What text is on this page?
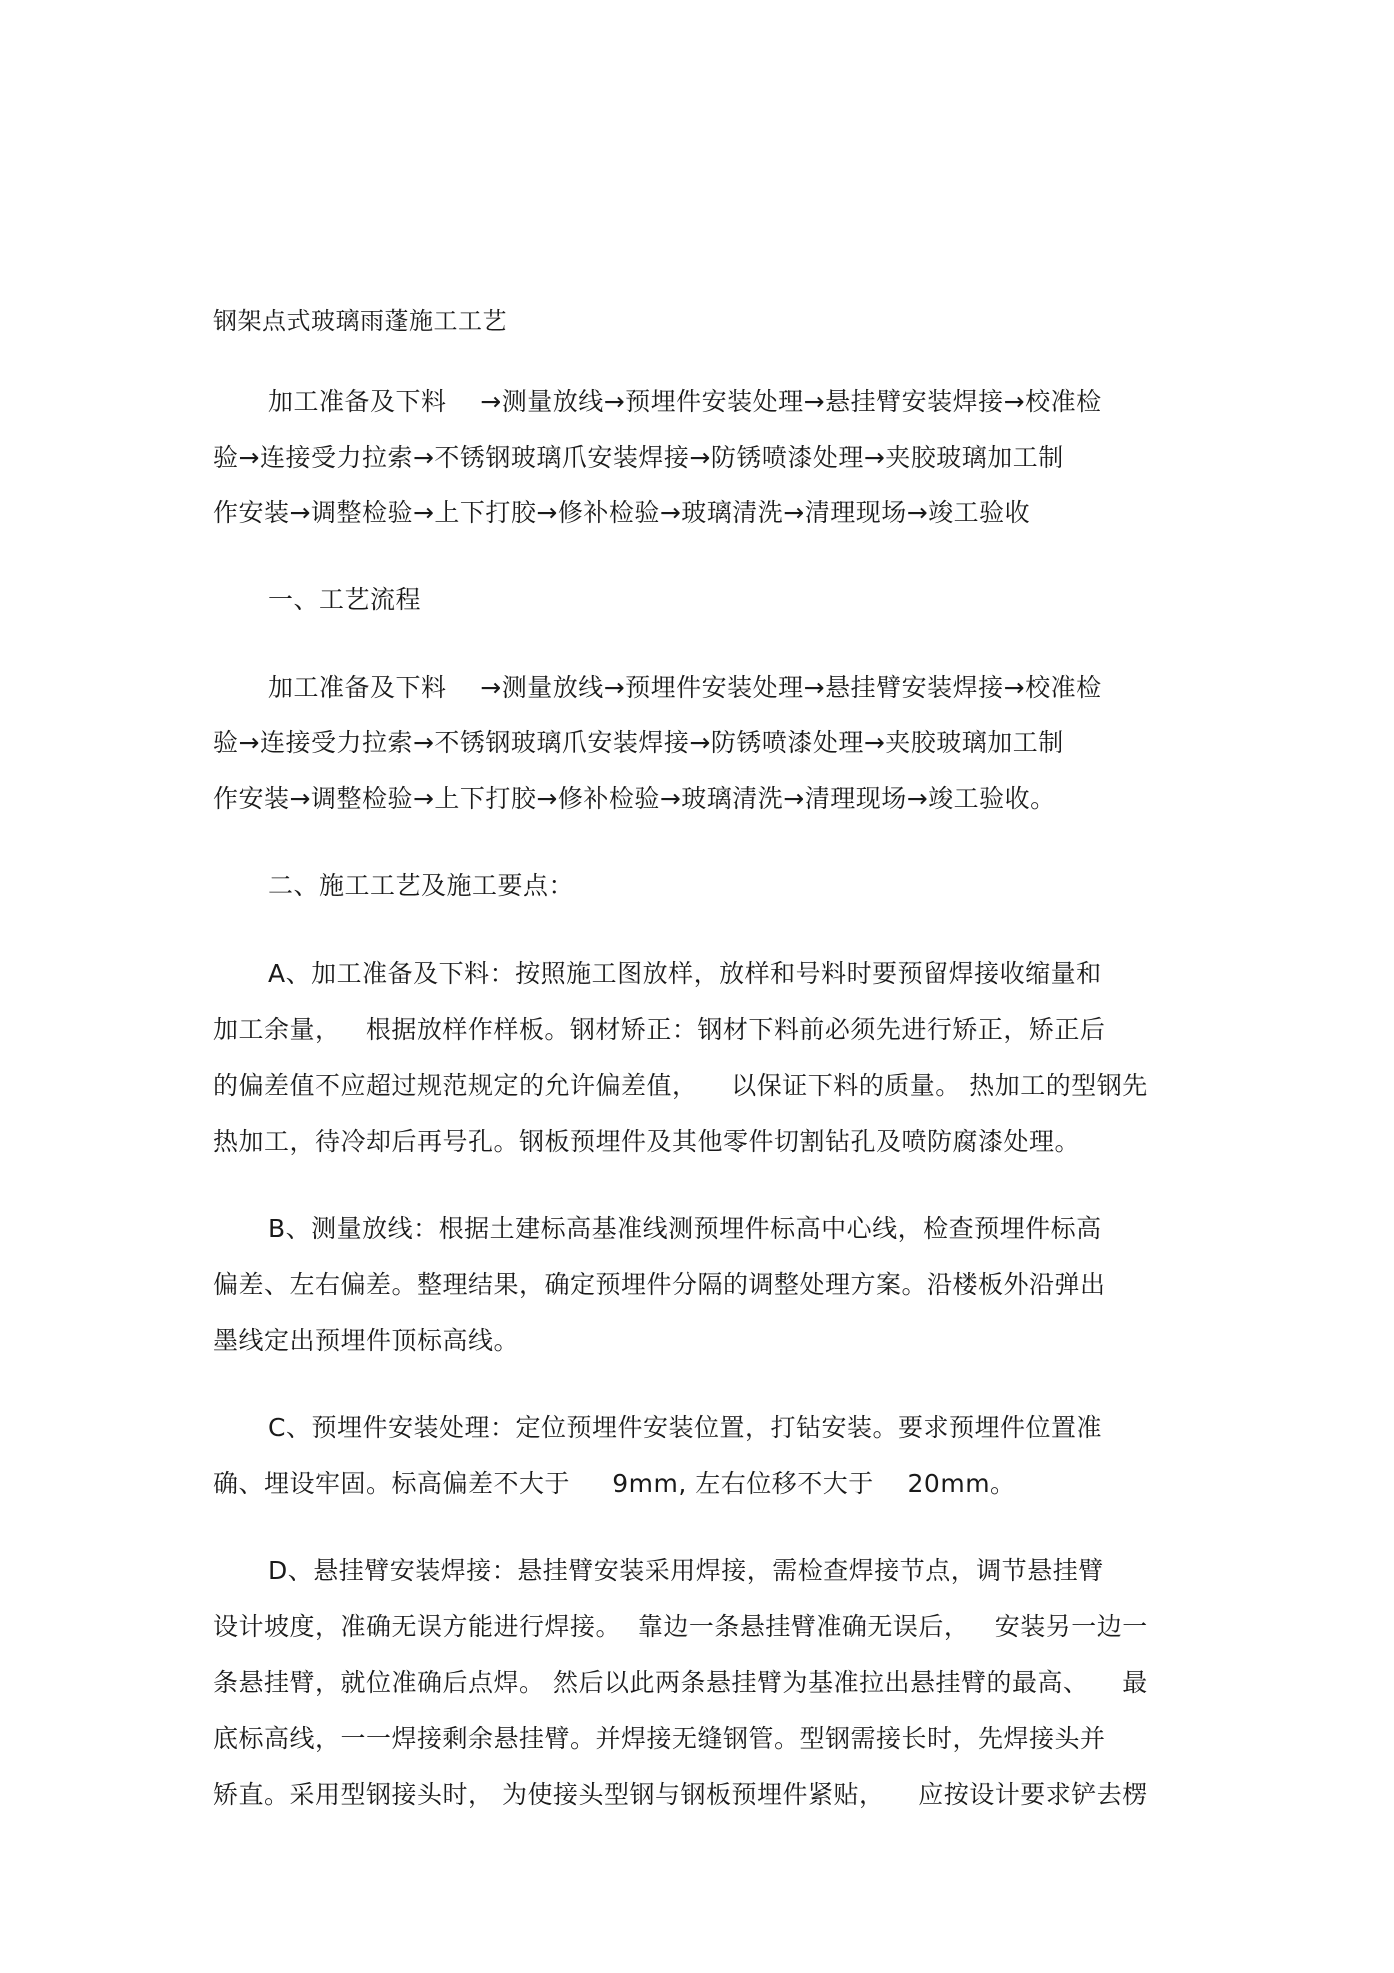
钢架点式玻璃雨蓬施工工艺
加工准备及下料    →测量放线→预埋件安装处理→悬挂臂安装焊接→校准检
验→连接受力拉索→不锈钢玻璃爪安装焊接→防锈喷漆处理→夹胶玻璃加工制
作安装→调整检验→上下打胶→修补检验→玻璃清洗→清理现场→竣工验收
一、工艺流程
加工准备及下料    →测量放线→预埋件安装处理→悬挂臂安装焊接→校准检
验→连接受力拉索→不锈钢玻璃爪安装焊接→防锈喷漆处理→夹胶玻璃加工制
作安装→调整检验→上下打胶→修补检验→玻璃清洗→清理现场→竣工验收。
二、施工工艺及施工要点：
A、加工准备及下料：按照施工图放样，放样和号料时要预留焊接收缩量和
加工余量，   根据放样作样板。钢材矫正：钢材下料前必须先进行矫正，矫正后
的偏差值不应超过规范规定的允许偏差值，    以保证下料的质量。 热加工的型钢先
热加工，待冷却后再号孔。钢板预埋件及其他零件切割钻孔及喷防腐漆处理。
B、测量放线：根据土建标高基准线测预埋件标高中心线，检查预埋件标高
偏差、左右偏差。整理结果，确定预埋件分隔的调整处理方案。沿楼板外沿弹出
墨线定出预埋件顶标高线。
C、预埋件安装处理：定位预埋件安装位置，打钻安装。要求预埋件位置准
确、埋设牢固。标高偏差不大于     9mm, 左右位移不大于    20mm。
D、悬挂臂安装焊接：悬挂臂安装采用焊接，需检查焊接节点，调节悬挂臂
设计坡度，准确无误方能进行焊接。  靠边一条悬挂臂准确无误后，   安装另一边一
条悬挂臂，就位准确后点焊。 然后以此两条悬挂臂为基准拉出悬挂臂的最高、    最
底标高线，一一焊接剩余悬挂臂。并焊接无缝钢管。型钢需接长时，先焊接头并
矫直。采用型钢接头时， 为使接头型钢与钢板预埋件紧贴，    应按设计要求铲去楞
